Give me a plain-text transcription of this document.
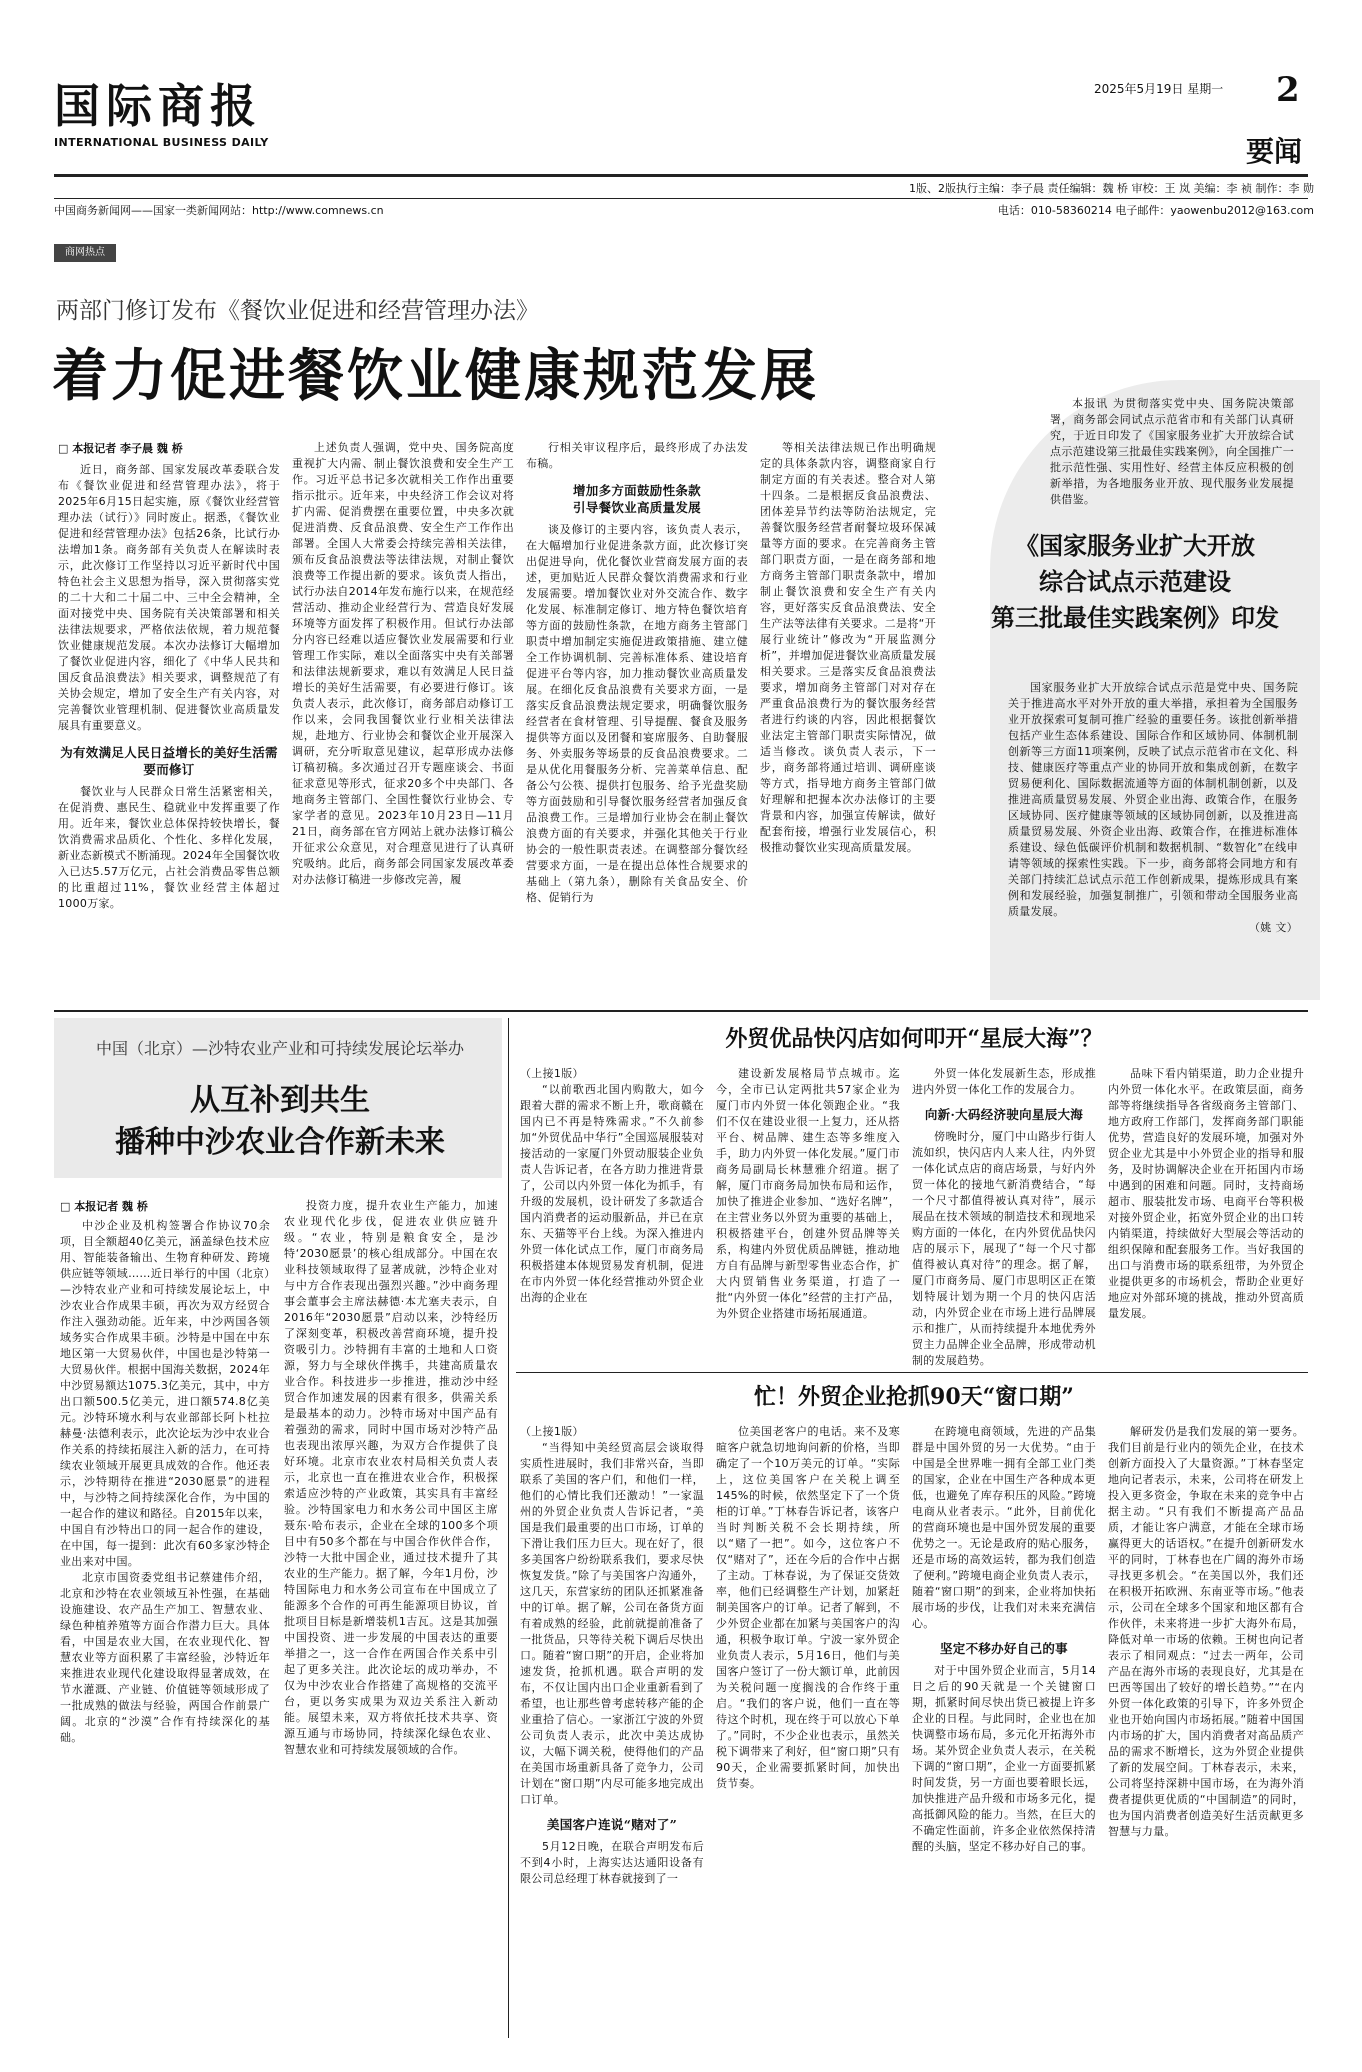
国际商报
INTERNATIONAL BUSINESS DAILY
2025年5月19日 星期一	2
要闻
1版、2版执行主编：李子晨 责任编辑：魏 桥 审校：王 岚 美编：李 祯 制作：李 勋
中国商务新闻网——国家一类新闻网站：http://www.comnews.cn	电话：010-58360214 电子邮件：yaowenbu2012@163.com
商网热点
两部门修订发布《餐饮业促进和经营管理办法》
着力促进餐饮业健康规范发展
□ 本报记者 李子晨 魏 桥

近日，商务部、国家发展改革委联合发布《餐饮业促进和经营管理办法》，将于2025年6月15日起实施，原《餐饮业经营管理办法（试行）》同时废止。据悉，《餐饮业促进和经营管理办法》包括26条，比试行办法增加1条。商务部有关负责人在解读时表示，此次修订工作坚持以习近平新时代中国特色社会主义思想为指导，深入贯彻落实党的二十大和二十届二中、三中全会精神，全面对接党中央、国务院有关决策部署和相关法律法规要求，严格依法依规，着力规范餐饮业健康规范发展。本次办法修订大幅增加了餐饮业促进内容，细化了《中华人民共和国反食品浪费法》相关要求，调整规范了有关协会规定，增加了安全生产有关内容，对完善餐饮业管理机制、促进餐饮业高质量发展具有重要意义。

为有效满足人民日益增长的美好生活需要而修订

餐饮业与人民群众日常生活紧密相关，在促消费、惠民生、稳就业中发挥重要了作用。近年来，餐饮业总体保持较快增长，餐饮消费需求品质化、个性化、多样化发展，新业态新模式不断涌现。2024年全国餐饮收入已达5.57万亿元，占社会消费品零售总额的比重超过11%，餐饮业经营主体超过1000万家。

上述负责人强调，党中央、国务院高度重视扩大内需、制止餐饮浪费和安全生产工作。习近平总书记多次就相关工作作出重要指示批示。近年来，中央经济工作会议对将扩内需、促消费摆在重要位置，中央多次就促进消费、反食品浪费、安全生产工作作出部署。全国人大常委会持续完善相关法律，颁布反食品浪费法等法律法规，对制止餐饮浪费等工作提出新的要求。该负责人指出，试行办法自2014年发布施行以来，在规范经营活动、推动企业经营行为、营造良好发展环境等方面发挥了积极作用。但试行办法部分内容已经难以适应餐饮业发展需要和行业管理工作实际，难以全面落实中央有关部署和法律法规新要求，难以有效满足人民日益增长的美好生活需要，有必要进行修订。该负责人表示，此次修订，商务部启动修订工作以来，会同我国餐饮业行业相关法律法规，赴地方、行业协会和餐饮企业开展深入调研，充分听取意见建议，起草形成办法修订稿初稿。多次通过召开专题座谈会、书面征求意见等形式，征求20多个中央部门、各地商务主管部门、全国性餐饮行业协会、专家学者的意见。2023年10月23日—11月21日，商务部在官方网站上就办法修订稿公开征求公众意见，对合理意见进行了认真研究吸纳。此后，商务部会同国家发展改革委对办法修订稿进一步修改完善，履

行相关审议程序后，最终形成了办法发布稿。

增加多方面鼓励性条款
引导餐饮业高质量发展

谈及修订的主要内容，该负责人表示，在大幅增加行业促进条款方面，此次修订突出促进导向，优化餐饮业营商发展方面的表述，更加贴近人民群众餐饮消费需求和行业发展需要。增加餐饮业对外交流合作、数字化发展、标准制定修订、地方特色餐饮培育等方面的鼓励性条款，在地方商务主管部门职责中增加制定实施促进政策措施、建立健全工作协调机制、完善标准体系、建设培育促进平台等内容，加力推动餐饮业高质量发展。在细化反食品浪费有关要求方面，一是落实反食品浪费法规定要求，明确餐饮服务经营者在食材管理、引导提醒、餐食及服务提供等方面以及团餐和宴席服务、自助餐服务、外卖服务等场景的反食品浪费要求。二是从优化用餐服务分析、完善菜单信息、配备公勺公筷、提供打包服务、给予光盘奖励等方面鼓励和引导餐饮服务经营者加强反食品浪费工作。三是增加行业协会在制止餐饮浪费方面的有关要求，并强化其他关于行业协会的一般性职责表述。在调整部分餐饮经营要求方面，一是在提出总体性合规要求的基础上（第九条），删除有关食品安全、价格、促销行为

等相关法律法规已作出明确规定的具体条款内容，调整商家自行制定方面的有关表述。整合对人第十四条。二是根据反食品浪费法、团体差异节约法等防治法规定，完善餐饮服务经营者耐餐垃圾环保减量等方面的要求。在完善商务主管部门职责方面，一是在商务部和地方商务主管部门职责条款中，增加制止餐饮浪费和安全生产有关内容，更好落实反食品浪费法、安全生产法等法律有关要求。二是将“开展行业统计”修改为“开展监测分析”，并增加促进餐饮业高质量发展相关要求。三是落实反食品浪费法要求，增加商务主管部门对对存在严重食品浪费行为的餐饮服务经营者进行约谈的内容，因此根据餐饮业法定主管部门职责实际情况，做适当修改。谈负责人表示，下一步，商务部将通过培训、调研座谈等方式，指导地方商务主管部门做好理解和把握本次办法修订的主要背景和内容，加强宣传解读，做好配套衔接，增强行业发展信心，积极推动餐饮业实现高质量发展。

本报讯 为贯彻落实党中央、国务院决策部署，商务部会同试点示范省市和有关部门认真研究，于近日印发了《国家服务业扩大开放综合试点示范建设第三批最佳实践案例》，向全国推广一批示范性强、实用性好、经营主体反应积极的创新举措，为各地服务业开放、现代服务业发展提供借鉴。
《国家服务业扩大开放
综合试点示范建设
第三批最佳实践案例》印发

国家服务业扩大开放综合试点示范是党中央、国务院关于推进高水平对外开放的重大举措，承担着为全国服务业开放探索可复制可推广经验的重要任务。该批创新举措包括产业生态体系建设、国际合作和区域协同、体制机制创新等三方面11项案例，反映了试点示范省市在文化、科技、健康医疗等重点产业的协同开放和集成创新，在数字贸易便利化、国际数据流通等方面的体制机制创新，以及推进高质量贸易发展、外贸企业出海、政策合作，在服务区域协同、医疗健康等领域的区域协同创新，以及推进高质量贸易发展、外资企业出海、政策合作，在推进标准体系建设、绿色低碳评价机制和数据机制、“数智化”在线申请等领域的探索性实践。下一步，商务部将会同地方和有关部门持续汇总试点示范工作创新成果，提炼形成具有案例和发展经验，加强复制推广，引领和带动全国服务业高质量发展。

（姚 文）
中国（北京）—沙特农业产业和可持续发展论坛举办
从互补到共生
播种中沙农业合作新未来
□ 本报记者 魏 桥

中沙企业及机构签署合作协议70余项，目全额超40亿美元，涵盖绿色技术应用、智能装备输出、生物育种研发、跨境供应链等领域……近日举行的中国（北京）—沙特农业产业和可持续发展论坛上，中沙农业合作成果丰硕，再次为双方经贸合作注入强劲动能。近年来，中沙两国各领域务实合作成果丰硕。沙特是中国在中东地区第一大贸易伙伴，中国也是沙特第一大贸易伙伴。根据中国海关数据，2024年中沙贸易额达1075.3亿美元，其中，中方出口额500.5亿美元，进口额574.8亿美元。沙特环境水利与农业部部长阿卜杜拉赫曼·法德利表示，此次论坛为沙中农业合作关系的持续拓展注入新的活力，在可持续农业领域开展更具成效的合作。他还表示，沙特期待在推进“2030愿景”的进程中，与沙特之间持续深化合作，为中国的一起合作的建议和路径。自2015年以来，中国自有沙特出口的同一起合作的建设，在中国，每一提到：此次有60多家沙特企业出来对中国。

北京市国资委党组书记蔡建伟介绍，北京和沙特在农业领域互补性强，在基础设施建设、农产品生产加工、智慧农业、绿色种植养殖等方面合作潜力巨大。具体看，中国是农业大国，在农业现代化、智慧农业等方面积累了丰富经验，沙特近年来推进农业现代化建设取得显著成效，在节水灌溉、产业链、价值链等领域形成了一批成熟的做法与经验，两国合作前景广阔。北京的“沙漠”合作有持续深化的基础。

投资力度，提升农业生产能力，加速农业现代化步伐，促进农业供应链升级。“农业，特别是粮食安全，是沙特‘2030愿景’的核心组成部分。中国在农业科技领域取得了显著成就，沙特企业对与中方合作表现出强烈兴趣。”沙中商务理事会董事会主席法赫德·本尤塞夫表示，自2016年“2030愿景”启动以来，沙特经历了深刻变革，积极改善营商环境，提升投资吸引力。沙特拥有丰富的土地和人口资源，努力与全球伙伴携手，共建高质量农业合作。科技进步一步推进，推动沙中经贸合作加速发展的因素有很多，供需关系是最基本的动力。沙特市场对中国产品有着强劲的需求，同时中国市场对沙特产品也表现出浓厚兴趣，为双方合作提供了良好环境。北京市农业农村局相关负责人表示，北京也一直在推进农业合作，积极探索适应沙特的产业政策，其实具有丰富经验。沙特国家电力和水务公司中国区主席聂东·哈布表示，企业在全球的100多个项目中有50多个都在与中国合作伙伴合作，沙特一大批中国企业，通过技术提升了其农业的生产能力。据了解，今年1月份，沙特国际电力和水务公司宣布在中国成立了能源多个合作的可再生能源项目协议，首批项目目标是新增装机1吉瓦。这是其加强中国投资、进一步发展的中国表达的重要举措之一，这一合作在两国合作关系中引起了更多关注。此次论坛的成功举办，不仅为中沙农业合作搭建了高规格的交流平台，更以务实成果为双边关系注入新动能。展望未来，双方将依托技术共享、资源互通与市场协同，持续深化绿色农业、智慧农业和可持续发展领域的合作。

外贸优品快闪店如何叩开“星辰大海”？
（上接1版）

“以前歌西北国内购散大，如今跟着大群的需求不断上升，歌商赣在国内已不再是特殊需求。”不久前参加“外贸优品中华行”全国巡展服装对接活动的一家厦门外贸动服装企业负责人告诉记者，在各方助力推进背景了，公司以内外贸一体化为抓手，有升级的发展机，设计研发了多款适合国内消费者的运动服新品，并已在京东、天猫等平台上线。为深入推进内外贸一体化试点工作，厦门市商务局积极搭建本体规贸易发育机制，促进在市内外贸一体化经营推动外贸企业出海的企业在

建设新发展格局节点城市。迄今，全市已认定两批共57家企业为厦门市内外贸一体化领跑企业。“我们不仅在建设业很一上复力，还从搭平台、树品牌、建生态等多维度入手，助力内外贸一体化发展。”厦门市商务局副局长林慧雅介绍道。据了解，厦门市商务局加快布局和运作，加快了推进企业参加、“选好名牌”，在主营业务以外贸为重要的基础上，积极搭建平台，创建外贸品牌等关系，构建内外贸优质品牌链，推动地方自有品牌与新型零售业态合作，扩大内贸销售业务渠道，打造了一批“内外贸一体化”经营的主打产品，为外贸企业搭建市场拓展通道。

外贸一体化发展新生态，形成推进内外贸一体化工作的发展合力。

向新·大码经济驶向星辰大海

傍晚时分，厦门中山路步行街人流如织，快闪店内人来人往，内外贸一体化试点店的商店场景，与好内外贸一体化的接地气新消费结合，“每一个尺寸都值得被认真对待”，展示展品在技术领域的制造技术和现地采购方面的一体化，在内外贸优品快闪店的展示下，展现了“每一个尺寸都值得被认真对待”的理念。据了解，厦门市商务局、厦门市思明区正在策划特展计划为期一个月的快闪店活动，内外贸企业在市场上进行品牌展示和推广，从而持续提升本地优秀外贸主力品牌企业全品牌，形成带动机制的发展趋势。

品味下看内销渠道，助力企业提升内外贸一体化水平。在政策层面，商务部等将继续指导各省级商务主管部门、地方政府工作部门，发挥商务部门职能优势，营造良好的发展环境，加强对外贸企业尤其是中小外贸企业的指导和服务，及时协调解决企业在开拓国内市场中遇到的困难和问题。同时，支持商场超市、服装批发市场、电商平台等积极对接外贸企业，拓宽外贸企业的出口转内销渠道，持续做好大型展会等活动的组织保障和配套服务工作。当好我国的出口与消费市场的联系纽带，为外贸企业提供更多的市场机会，帮助企业更好地应对外部环境的挑战，推动外贸高质量发展。

忙！外贸企业抢抓90天“窗口期”
（上接1版）

“当得知中美经贸高层会谈取得实质性进展时，我们非常兴奋，当即联系了美国的客户们，和他们一样，他们的心情比我们还激动！”一家温州的外贸企业负责人告诉记者，“美国是我们最重要的出口市场，订单的下滑让我们压力巨大。现在好了，很多美国客户纷纷联系我们，要求尽快恢复发货。”除了与美国客户沟通外，这几天，东营家纺的团队还抓紧准备中的订单。据了解，公司在备货方面有着成熟的经验，此前就提前准备了一批货品，只等待关税下调后尽快出口。随着“窗口期”的开启，企业将加速发货，抢抓机遇。联合声明的发布，不仅让国内出口企业重新看到了希望，也让那些曾考虑转移产能的企业重拾了信心。一家浙江宁波的外贸公司负责人表示，此次中美达成协议，大幅下调关税，使得他们的产品在美国市场重新具备了竞争力，公司计划在“窗口期”内尽可能多地完成出口订单。

美国客户连说“赌对了”

5月12日晚，在联合声明发布后不到4小时，上海实达达通阳设备有限公司总经理丁林春就接到了一

位美国老客户的电话。来不及寒暄客户就急切地询问新的价格，当即确定了一个10万美元的订单。“实际上，这位美国客户在关税上调至145%的时候，依然坚定下了一个货柜的订单。”丁林春告诉记者，该客户当时判断关税不会长期持续，所以“赌了一把”。如今，这位客户不仅“赌对了”，还在今后的合作中占据了主动。丁林春说，为了保证交货效率，他们已经调整生产计划，加紧赶制美国客户的订单。记者了解到，不少外贸企业都在加紧与美国客户的沟通，积极争取订单。宁波一家外贸企业负责人表示，5月16日，他们与美国客户签订了一份大额订单，此前因为关税问题一度搁浅的合作终于重启。“我们的客户说，他们一直在等待这个时机，现在终于可以放心下单了。”同时，不少企业也表示，虽然关税下调带来了利好，但“窗口期”只有90天，企业需要抓紧时间，加快出货节奏。

在跨境电商领域，先进的产品集群是中国外贸的另一大优势。“由于中国是全世界唯一拥有全部工业门类的国家，企业在中国生产各种成本更低，也避免了库存积压的风险。”跨境电商从业者表示。“此外，目前优化的营商环境也是中国外贸发展的重要优势之一。无论是政府的贴心服务，还是市场的高效运转，都为我们创造了便利。”跨境电商企业负责人表示，随着“窗口期”的到来，企业将加快拓展市场的步伐，让我们对未来充满信心。

坚定不移办好自己的事

对于中国外贸企业而言，5月14日之后的90天就是一个关键窗口期，抓紧时间尽快出货已被提上许多企业的日程。与此同时，企业也在加快调整市场布局，多元化开拓海外市场。某外贸企业负责人表示，在关税下调的“窗口期”，企业一方面要抓紧时间发货，另一方面也要着眼长远，加快推进产品升级和市场多元化，提高抵御风险的能力。当然，在巨大的不确定性面前，许多企业依然保持清醒的头脑，坚定不移办好自己的事。

解研发仍是我们发展的第一要务。我们目前是行业内的领先企业，在技术创新方面投入了大量资源。”丁林春坚定地向记者表示，未来，公司将在研发上投入更多资金，争取在未来的竞争中占据主动。“只有我们不断提高产品品质，才能让客户满意，才能在全球市场赢得更大的话语权。”在提升创新研发水平的同时，丁林春也在广阔的海外市场寻找更多机会。“在美国以外，我们还在积极开拓欧洲、东南亚等市场。”他表示，公司在全球多个国家和地区都有合作伙伴，未来将进一步扩大海外布局，降低对单一市场的依赖。王树也向记者表示了相同观点：“过去一两年，公司产品在海外市场的表现良好，尤其是在巴西等国出了较好的增长趋势。”“在内外贸一体化政策的引导下，许多外贸企业也开始向国内市场拓展。”随着中国国内市场的扩大，国内消费者对高品质产品的需求不断增长，这为外贸企业提供了新的发展空间。丁林春表示，未来，公司将坚持深耕中国市场，在为海外消费者提供更优质的“中国制造”的同时，也为国内消费者创造美好生活贡献更多智慧与力量。
